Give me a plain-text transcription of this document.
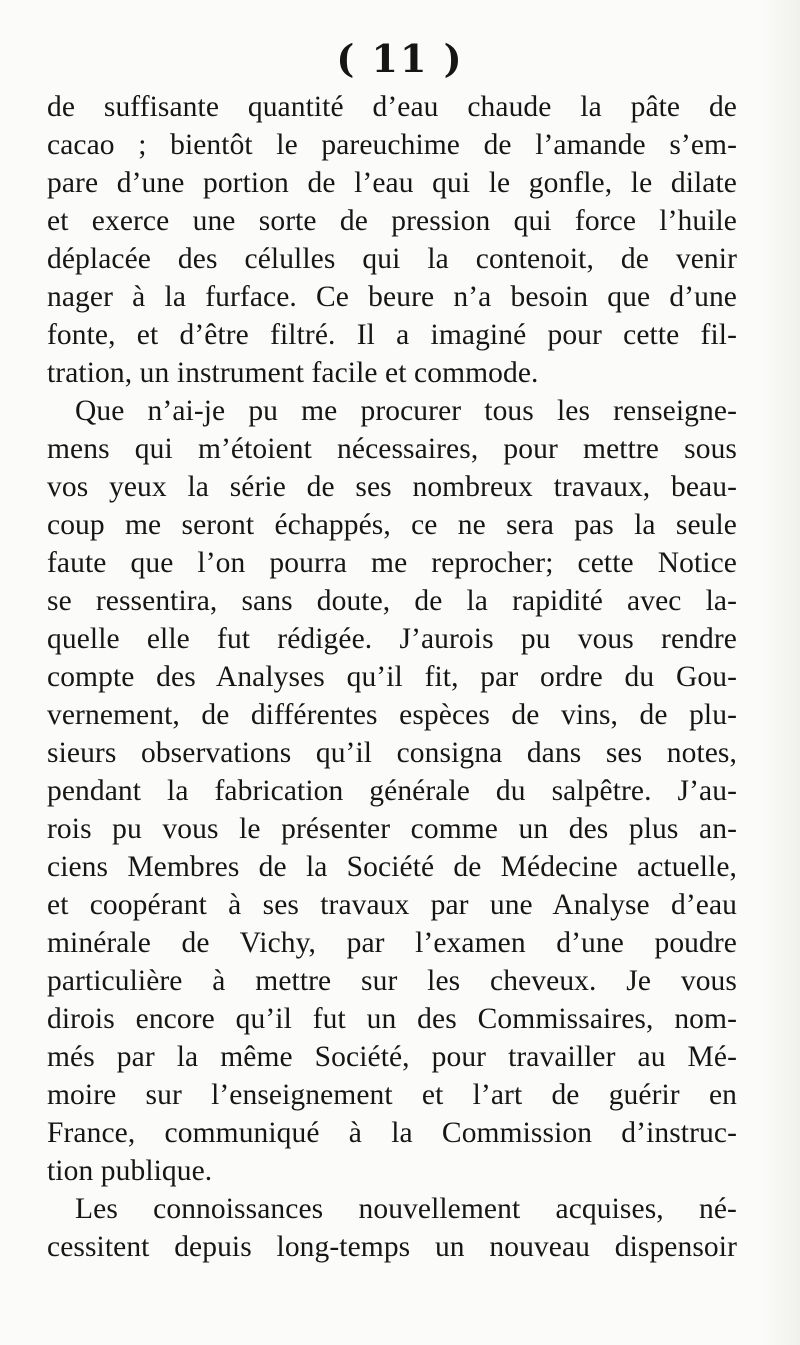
( 11 )
de suffisante quantité d’eau chaude la pâte de
cacao ; bientôt le pareuchime de l’amande s’em-
pare d’une portion de l’eau qui le gonfle, le dilate
et exerce une sorte de pression qui force l’huile
déplacée des célulles qui la contenoit, de venir
nager à la furface. Ce beure n’a besoin que d’une
fonte, et d’être filtré. Il a imaginé pour cette fil-
tration, un instrument facile et commode.
Que n’ai-je pu me procurer tous les renseigne-
mens qui m’étoient nécessaires, pour mettre sous
vos yeux la série de ses nombreux travaux, beau-
coup me seront échappés, ce ne sera pas la seule
faute que l’on pourra me reprocher; cette Notice
se ressentira, sans doute, de la rapidité avec la-
quelle elle fut rédigée. J’aurois pu vous rendre
compte des Analyses qu’il fit, par ordre du Gou-
vernement, de différentes espèces de vins, de plu-
sieurs observations qu’il consigna dans ses notes,
pendant la fabrication générale du salpêtre. J’au-
rois pu vous le présenter comme un des plus an-
ciens Membres de la Société de Médecine actuelle,
et coopérant à ses travaux par une Analyse d’eau
minérale de Vichy, par l’examen d’une poudre
particulière à mettre sur les cheveux. Je vous
dirois encore qu’il fut un des Commissaires, nom-
més par la même Société, pour travailler au Mé-
moire sur l’enseignement et l’art de guérir en
France, communiqué à la Commission d’instruc-
tion publique.
Les connoissances nouvellement acquises, né-
cessitent depuis long-temps un nouveau dispensoir
